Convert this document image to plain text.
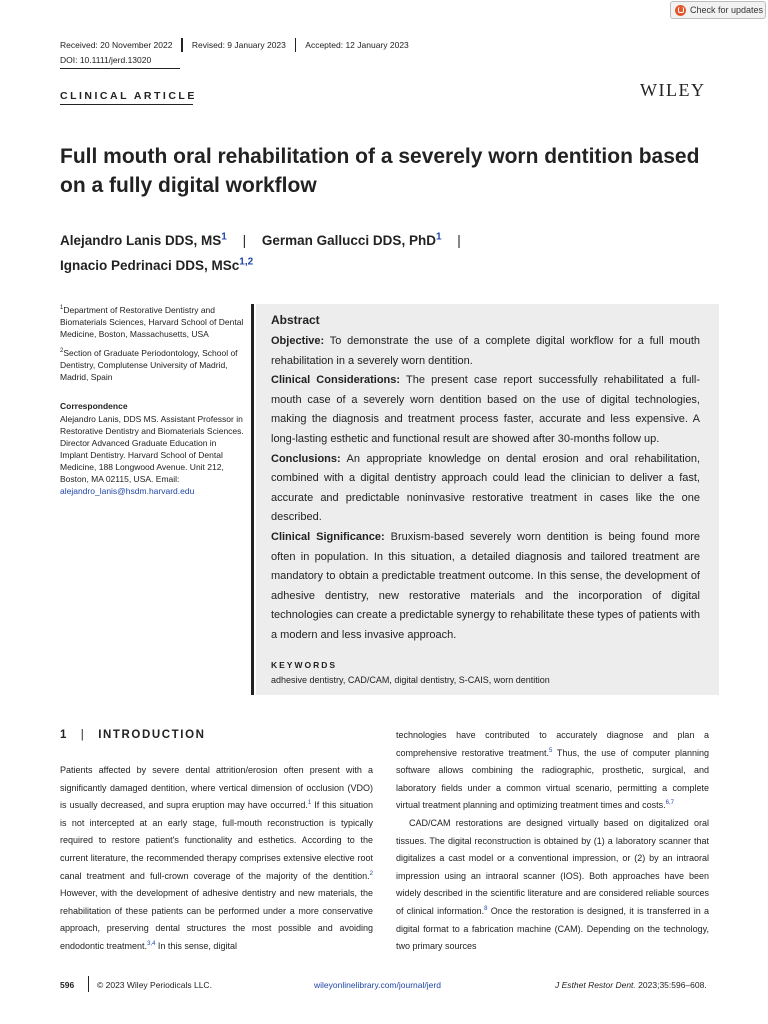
Check for updates
Received: 20 November 2022 Revised: 9 January 2023 Accepted: 12 January 2023
DOI: 10.1111/jerd.13020
CLINICAL ARTICLE	WILEY
Full mouth oral rehabilitation of a severely worn dentition based on a fully digital workflow
Alejandro Lanis DDS, $MS^1$ | German Gallucci DDS, PhD$^1$ |
Ignacio Pedrinaci DDS, MSc$^{1,2}$
$^1$Department of Restorative Dentistry and Biomaterials Sciences, Harvard School of Dental Medicine, Boston, Massachusetts, USA
$^2$Section of Graduate Periodontology, School of Dentistry, Complutense University of Madrid, Madrid, Spain
Correspondence
Alejandro Lanis, DDS MS. Assistant Professor in Restorative Dentistry and Biomaterials Sciences. Director Advanced Graduate Education in Implant Dentistry. Harvard School of Dental Medicine, 188 Longwood Avenue. Unit 212, Boston, MA 02115, USA. Email: alejandro_lanis@hsdm.harvard.edu
Abstract

Objective: To demonstrate the use of a complete digital workflow for a full mouth rehabilitation in a severely worn dentition.

Clinical Considerations: The present case report successfully rehabilitated a full-mouth case of a severely worn dentition based on the use of digital technologies, making the diagnosis and treatment process faster, accurate and less expensive. A long-lasting esthetic and functional result are showed after 30-months follow up.

Conclusions: An appropriate knowledge on dental erosion and oral rehabilitation, combined with a digital dentistry approach could lead the clinician to deliver a fast, accurate and predictable noninvasive restorative treatment in cases like the one described.

Clinical Significance: Bruxism-based severely worn dentition is being found more often in population. In this situation, a detailed diagnosis and tailored treatment are mandatory to obtain a predictable treatment outcome. In this sense, the development of adhesive dentistry, new restorative materials and the incorporation of digital technologies can create a predictable synergy to rehabilitate these types of patients with a modern and less invasive approach.

KEYWORDS
adhesive dentistry, CAD/CAM, digital dentistry, S-CAIS, worn dentition
1 | INTRODUCTION

Patients affected by severe dental attrition/erosion often present with a significantly damaged dentition, where vertical dimension of occlusion (VDO) is usually decreased, and supra eruption may have occurred.$^1$ If this situation is not intercepted at an early stage, full-mouth reconstruction is typically required to restore patient's functionality and esthetics. According to the current literature, the recommended therapy comprises extensive elective root canal treatment and full-crown coverage of the majority of the dentition.$^2$ However, with the development of adhesive dentistry and new materials, the rehabilitation of these patients can be performed under a more conservative approach, preserving dental structures the most possible and avoiding endodontic treatment.$^{3,4}$ In this sense, digital

technologies have contributed to accurately diagnose and plan a comprehensive restorative treatment.$^5$ Thus, the use of computer planning software allows combining the radiographic, prosthetic, surgical, and laboratory fields under a common virtual scenario, permitting a complete virtual treatment planning and optimizing treatment times and costs.$^{6,7}$

CAD/CAM restorations are designed virtually based on digitalized oral tissues. The digital reconstruction is obtained by (1) a laboratory scanner that digitalizes a cast model or a conventional impression, or (2) by an intraoral impression using an intraoral scanner (IOS). Both approaches have been widely described in the scientific literature and are considered reliable sources of clinical information.$^8$ Once the restoration is designed, it is transferred in a digital format to a fabrication machine (CAM). Depending on the technology, two primary sources

596	© 2023 Wiley Periodicals LLC.	wileyonlinelibrary.com/journal/jerd	J Esthet Restor Dent. 2023;35:596–608.
